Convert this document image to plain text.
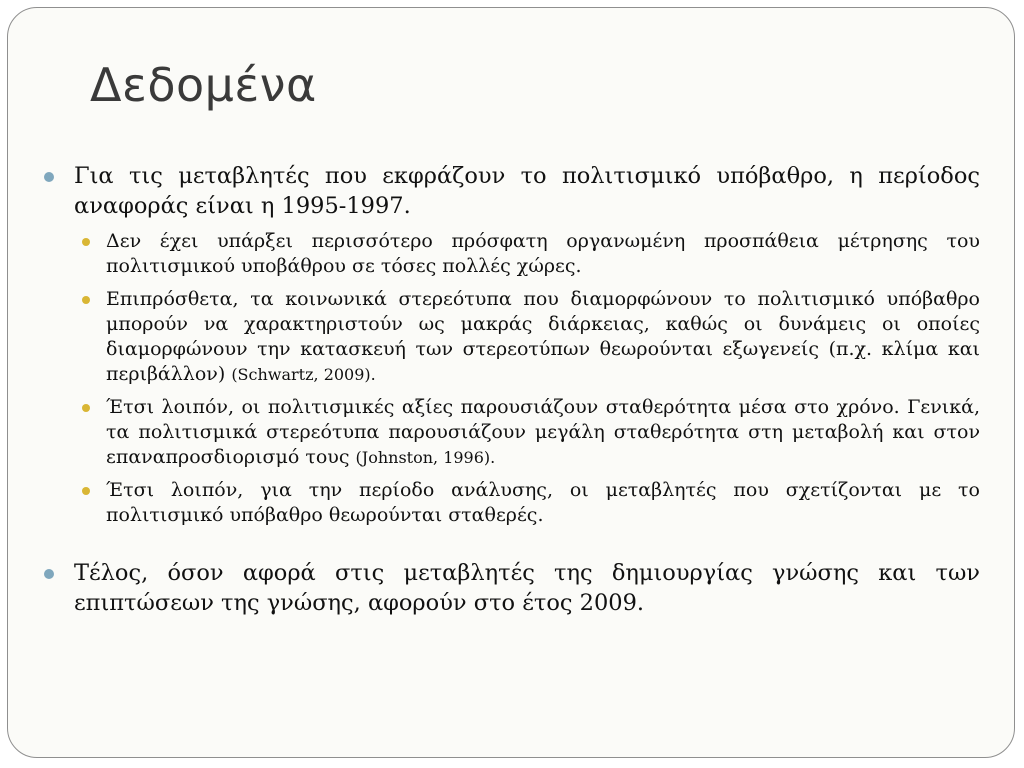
Δεδομένα
Για τις μεταβλητές που εκφράζουν το πολιτισμικό υπόβαθρο, η περίοδος αναφοράς είναι η 1995-1997.
Δεν έχει υπάρξει περισσότερο πρόσφατη οργανωμένη προσπάθεια μέτρησης του πολιτισμικού υποβάθρου σε τόσες πολλές χώρες.
Επιπρόσθετα, τα κοινωνικά στερεότυπα που διαμορφώνουν το πολιτισμικό υπόβαθρο μπορούν να χαρακτηριστούν ως μακράς διάρκειας, καθώς οι δυνάμεις οι οποίες διαμορφώνουν την κατασκευή των στερεοτύπων θεωρούνται εξωγενείς (π.χ. κλίμα και περιβάλλον) (Schwartz, 2009).
Έτσι λοιπόν, οι πολιτισμικές αξίες παρουσιάζουν σταθερότητα μέσα στο χρόνο. Γενικά, τα πολιτισμικά στερεότυπα παρουσιάζουν μεγάλη σταθερότητα στη μεταβολή και στον επαναπροσδιορισμό τους (Johnston, 1996).
Έτσι λοιπόν, για την περίοδο ανάλυσης, οι μεταβλητές που σχετίζονται με το πολιτισμικό υπόβαθρο θεωρούνται σταθερές.
Τέλος, όσον αφορά στις μεταβλητές της δημιουργίας γνώσης και των επιπτώσεων της γνώσης, αφορούν στο έτος 2009.
